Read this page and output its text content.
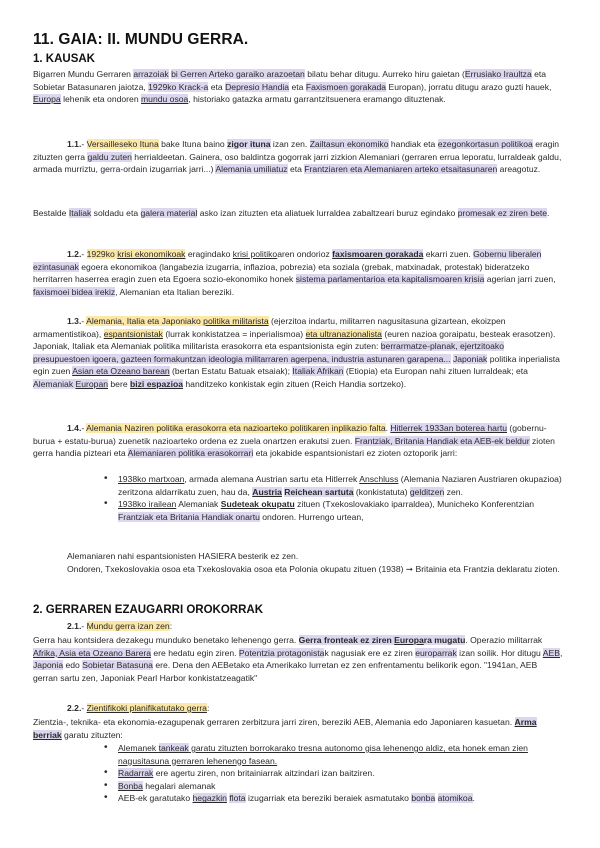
11. GAIA: II. MUNDU GERRA.
1. KAUSAK
Bigarren Mundu Gerraren arrazoiak bi Gerren Arteko garaiko arazoetan bilatu behar ditugu. Aurreko hiru gaietan (Errusiako Iraultza eta Sobietar Batasunaren jaiotza, 1929ko Krack-a eta Depresio Handia eta Faxismoen gorakada Europan), jorratu ditugu arazo guzti hauek, Europa lehenik eta ondoren mundu osoa, historiako gatazka armatu garrantzitsuenera eramango dituztenak.
1.1.- Versailleseko Ituna bake Ituna baino zigor ituna izan zen. Zailtasun ekonomiko handiak eta ezegonkortasun politikoa eragin zituzten gerra galdu zuten herrialdeetan. Gainera, oso baldintza gogorrak jarri zizkion Alemaniari (gerraren errua leporatu, lurraldeak galdu, armada murriztu, gerra-ordain izugarriak jarri...) Alemania umiliatuz eta Frantziaren eta Alemaniaren arteko etsaitasunaren areagotuz.
Bestalde Italiak soldadu eta galera material asko izan zituzten eta aliatuek lurraldea zabaltzeari buruz egindako promesak ez ziren bete.
1.2.- 1929ko krisi ekonomikoak eragindako krisi politikoaren ondorioz faxismoaren gorakada ekarri zuen. Gobernu liberalen ezintasunak egoera ekonomikoa (langabezia izugarria, inflazioa, pobrezia) eta soziala (grebak, matxinadak, protestak) bideratzeko herritarren haserrea eragin zuen eta Egoera sozio-ekonomiko honek sistema parlamentarioa eta kapitalismoaren krisia agerian jarri zuen, faxismoei bidea irekiz, Alemanian eta Italian bereziki.
1.3.- Alemania, Italia eta Japoniako politika militarista (ejerzitoa indartu, militarren nagusitasuna gizartean, ekoizpen armamentistikoa), espantsionistak (lurrak konkistatzea = inperialismoa) eta ultranazionalista (euren nazioa goraipatu, besteak erasotzen). Japoniak, Italiak eta Alemaniak politika militarista erasokorra eta espantsionista egin zuten: berrarmatze-planak, ejertzitoako presupuestoen igoera, gazteen formakuntzan ideologia militarraren agerpena, industria astunaren garapena... Japoniak politika inperialista egin zuen Asian eta Ozeano barean (bertan Estatu Batuak etsaiak); Italiak Afrikan (Etiopia) eta Europan nahi zituen lurraldeak; eta Alemaniak Europan bere bizi espazioa handitzeko konkistak egin zituen (Reich Handia sortzeko).
1.4.- Alemania Naziren politika erasokorra eta nazioarteko politikaren inplikazio falta. Hitlerrek 1933an boterea hartu (gobernu-burua + estatu-burua) zuenetik nazioarteko ordena ez zuela onartzen erakutsi zuen. Frantziak, Britania Handiak eta AEB-ek beldur zioten gerra handia pizteari eta Alemaniaren politika erasokorrari eta jokabide espantsionistari ez zioten oztoporik jarri:
• 1938ko martxoan, armada alemana Austrian sartu eta Hitlerrek Anschluss (Alemania Naziaren Austriaren okupazioa) zeritzona aldarrikatu zuen, hau da, Austria Reichean sartuta (konkistatuta) gelditzen zen.
• 1938ko irailean Alemaniak Sudeteak okupatu zituen (Txekoslovakiako iparraldea), Municheko Konferentzian Frantziak eta Britania Handiak onartu ondoren. Hurrengo urtean,
Alemaniaren nahi espantsionisten HASIERA besterik ez zen.
Ondoren, Txekoslovakia osoa eta Txekoslovakia osoa eta Polonia okupatu zituen (1938) ➞ Britainia eta Frantzia deklaratu zioten.
2. GERRAREN EZAUGARRI OROKORRAK
2.1.- Mundu gerra izan zen:
Gerra hau kontsidera dezakegu munduko benetako lehenengo gerra. Gerra fronteak ez ziren Europara mugatu. Operazio militarrak Afrika, Asia eta Ozeano Barera ere hedatu egin ziren. Potentzia protagonistak nagusiak ere ez ziren europarrak izan soilik. Hor ditugu AEB, Japonia edo Sobietar Batasuna ere. Dena den AEBetako eta Amerikako lurretan ez zen enfrentamentu belikorik egon. "1941an, AEB gerran sartu zen, Japoniak Pearl Harbor konkistatzeagatik"
2.2.- Zientifikoki planifikatutako gerra:
Zientzia-, teknika- eta ekonomia-ezagupenak gerraren zerbitzura jarri ziren, bereziki AEB, Alemania edo Japoniaren kasuetan. Arma berriak garatu zituzten:
• Alemanek tankeak garatu zituzten borrokarako tresna autonomo gisa lehenengo aldiz, eta honek eman zien nagusitasuna gerraren lehenengo fasean.
• Radarrak ere agertu ziren, non britainiarrak aitzindari izan baitziren.
• Bonba hegalari alemanak
• AEB-ek garatutako hegazkin flota izugarriak eta bereziki beraiek asmatutako bonba atomikoa.
